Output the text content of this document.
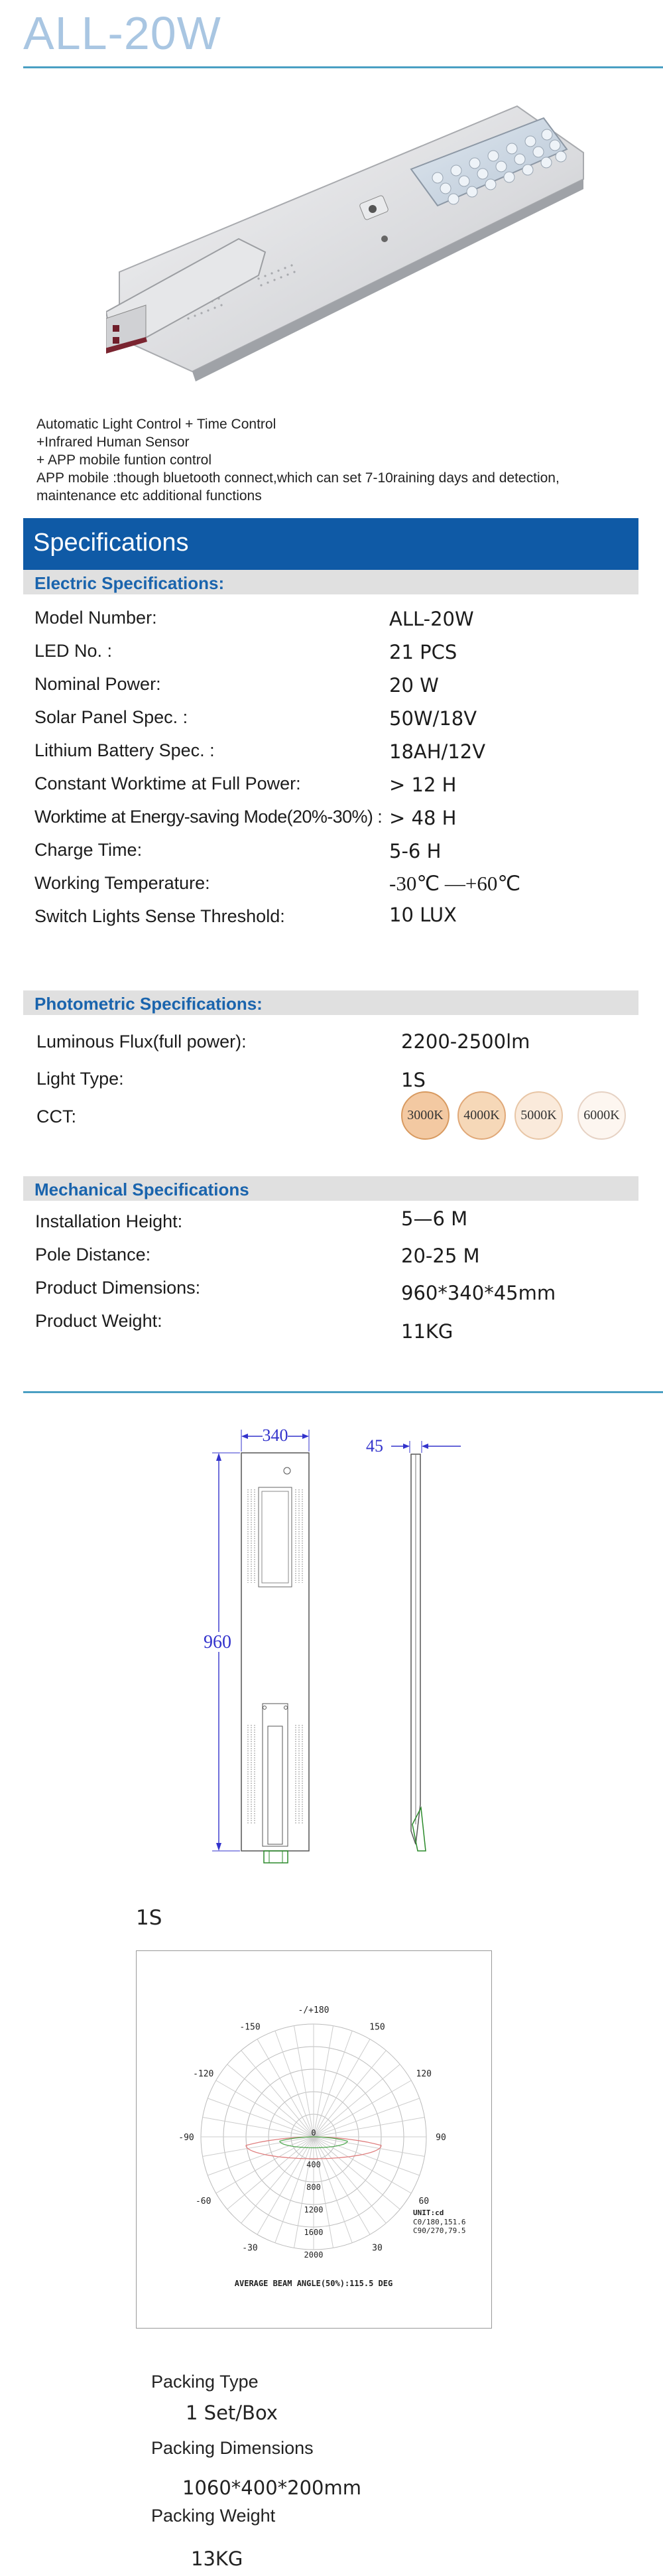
ALL-20W
Automatic Light Control + Time Control
+Infrared Human Sensor
+ APP mobile funtion control
APP mobile :though bluetooth connect,which can set 7-10raining days and detection,
maintenance etc additional functions
Specifications
Electric Specifications:
Model Number:	ALL-20W
LED No. :	21 PCS
Nominal Power:	20 W
Solar Panel Spec. :	50W/18V
Lithium Battery Spec. :	18AH/12V
Constant Worktime at Full Power:	> 12 H
Worktime at Energy-saving Mode(20%-30%) : > 48 H
Charge Time:	5-6 H
Working Temperature:	-30℃ —+60℃
Switch Lights Sense Threshold:	10 LUX
Photometric Specifications:
Luminous Flux(full power):	2200-2500lm
Light Type:	1S
CCT:	3000K 4000K 5000K 6000K
Mechanical Specifications
Installation Height:	5—6 M
Pole Distance:	20-25 M
Product Dimensions:	960*340*45mm
Product Weight:	11KG
340
960
45
1S
-/+180
150
120
90
60
30
-30
-60
-90
-120
-150
0
400
800
1200
1600
2000
UNIT:cd
C0/180,151.6
C90/270,79.5
AVERAGE BEAM ANGLE(50%):115.5 DEG
Packing Type
1 Set/Box
Packing Dimensions
1060*400*200mm
Packing Weight
13KG
